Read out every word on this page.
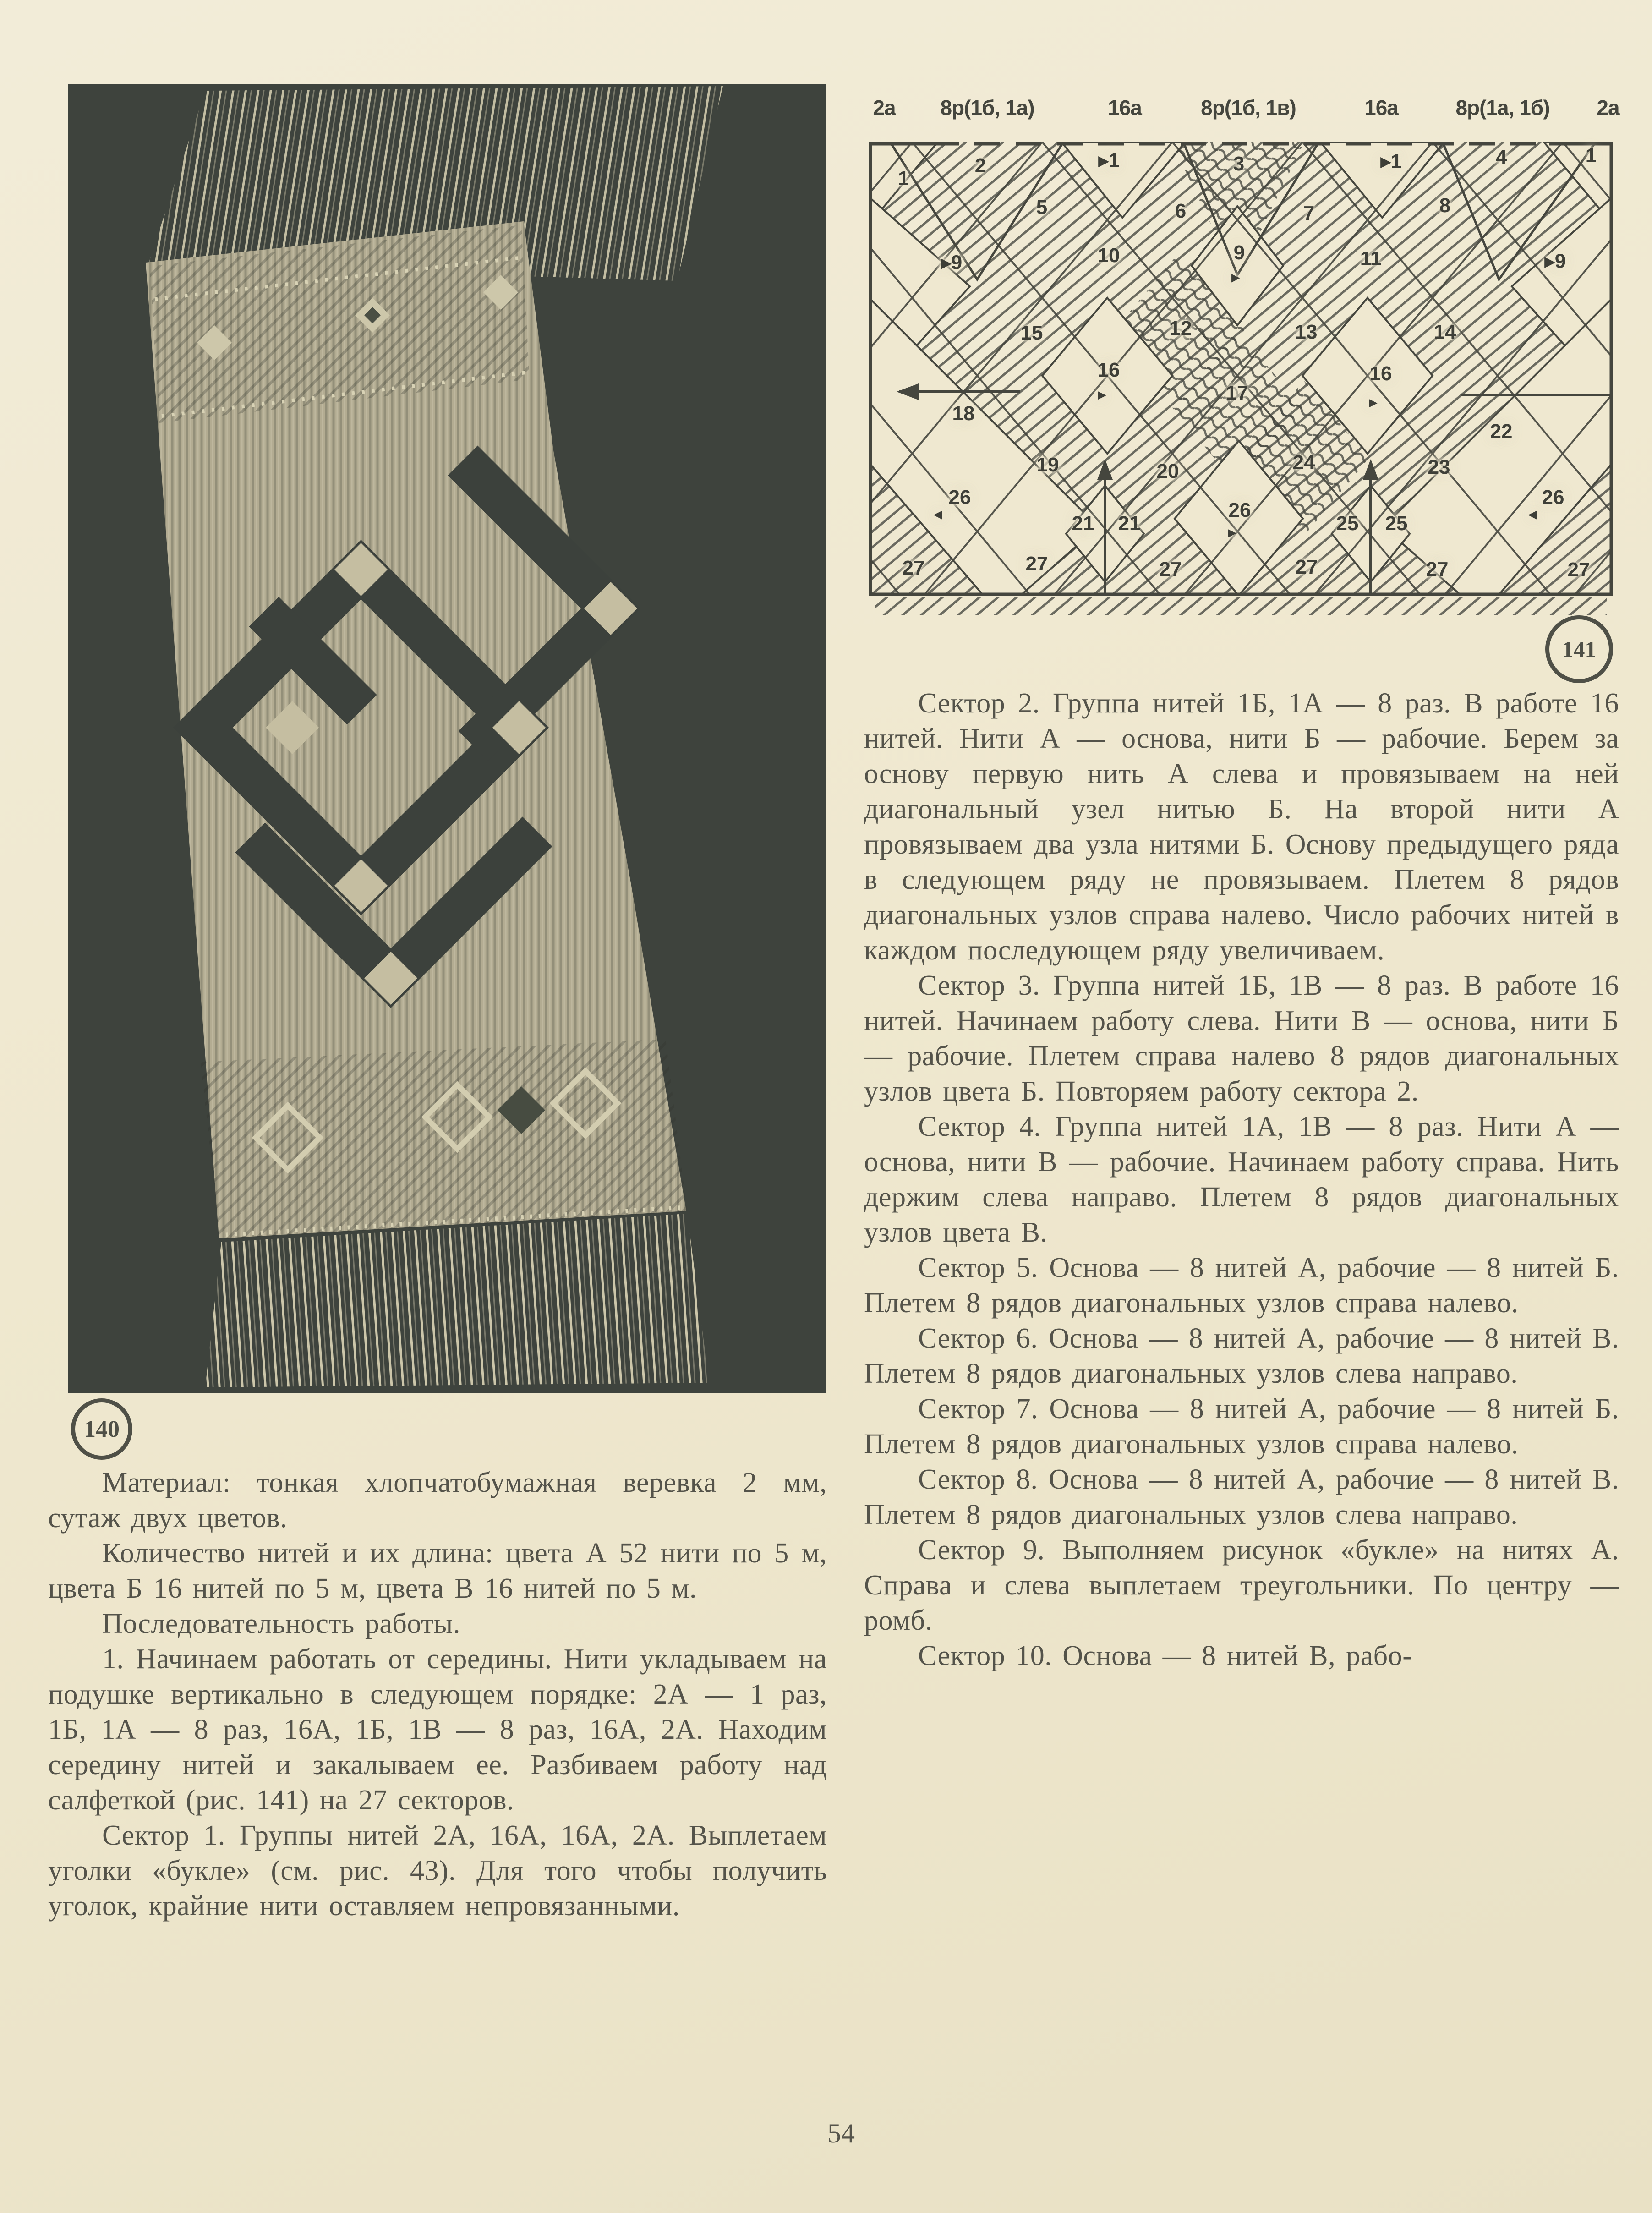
140
2а 8р(1б, 1а)	16а	8р(1б, 1в)	16а	8р(1а, 1б) 2а
1
2	▸1	3	▸1	4	1
5	6	7	8
▸9	10	9
▸
11	▸9
15	12	13	14
16
▸	17
16
▸
18
22
19	20	24	23
26
◂	21 21
26
▸	25 25
26
◂
27	27	27	27	27	27
141

Материал: тонкая хлопчатобумажная веревка 2 мм, сутаж двух цветов.

Количество нитей и их длина: цвета А 52 нити по 5 м, цвета Б 16 нитей по 5 м, цвета В 16 нитей по 5 м.

Последовательность работы.

1. Начинаем работать от середины. Нити укладываем на подушке вертикально в следующем порядке: 2А — 1 раз, 1Б, 1А — 8 раз, 16А, 1Б, 1В — 8 раз, 16А, 2А. Находим середину нитей и закалываем ее. Разбиваем работу над салфеткой (рис. 141) на 27 секторов.

Сектор 1. Группы нитей 2А, 16А, 16А, 2А. Выплетаем уголки «букле» (см. рис. 43). Для того чтобы получить уголок, крайние нити оставляем непровязанными.

Сектор 2. Группа нитей 1Б, 1А — 8 раз. В работе 16 нитей. Нити А — основа, нити Б — рабочие. Берем за основу первую нить А слева и провязываем на ней диагональный узел нитью Б. На второй нити А провязываем два узла нитями Б. Основу предыдущего ряда в следующем ряду не провязываем. Плетем 8 рядов диагональных узлов справа налево. Число рабочих нитей в каждом последующем ряду увеличиваем.

Сектор 3. Группа нитей 1Б, 1В — 8 раз. В работе 16 нитей. Начинаем работу слева. Нити В — основа, нити Б — рабочие. Плетем справа налево 8 рядов диагональных узлов цвета Б. Повторяем работу сектора 2.

Сектор 4. Группа нитей 1А, 1В — 8 раз. Нити А — основа, нити В — рабочие. Начинаем работу справа. Нить держим слева направо. Плетем 8 рядов диагональных узлов цвета В.

Сектор 5. Основа — 8 нитей А, рабочие — 8 нитей Б. Плетем 8 рядов диагональных узлов справа налево.

Сектор 6. Основа — 8 нитей А, рабочие — 8 нитей В. Плетем 8 рядов диагональных узлов слева направо.

Сектор 7. Основа — 8 нитей А, рабочие — 8 нитей Б. Плетем 8 рядов диагональных узлов справа налево.

Сектор 8. Основа — 8 нитей А, рабочие — 8 нитей В. Плетем 8 рядов диагональных узлов слева направо.

Сектор 9. Выполняем рисунок «букле» на нитях А. Справа и слева выплетаем треугольники. По центру — ромб.

Сектор 10. Основа — 8 нитей В, рабо-

54
